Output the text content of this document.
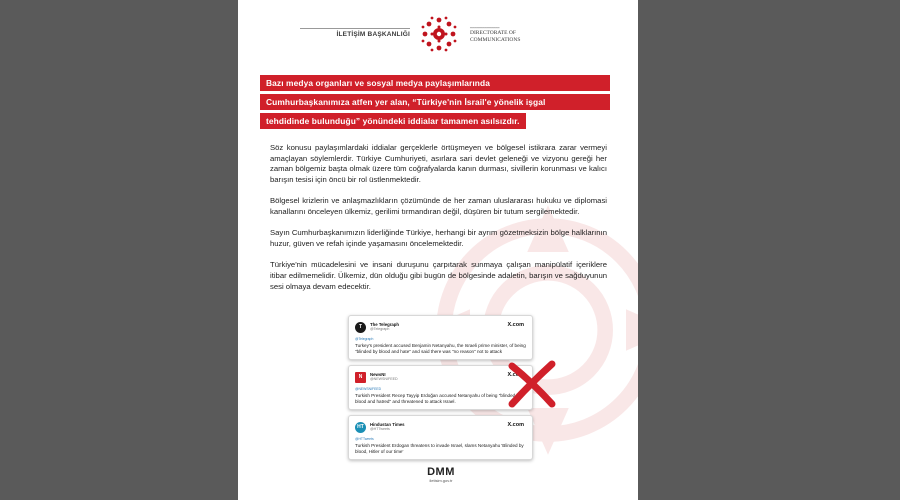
İLETİŞİM BAŞKANLIĞI
━━━━━━━━━━━━━━
DIRECTORATE OF
COMMUNICATIONS
Bazı medya organları ve sosyal medya paylaşımlarında
Cumhurbaşkanımıza atfen yer alan, “Türkiye'nin İsrail'e yönelik işgal
tehdidinde bulunduğu” yönündeki iddialar tamamen asılsızdır.

Söz konusu paylaşımlardaki iddialar gerçeklerle örtüşmeyen ve bölgesel istikrara zarar vermeyi amaçlayan söylemlerdir. Türkiye Cumhuriyeti, asırlara sari devlet geleneği ve vizyonu gereği her zaman bölgemiz başta olmak üzere tüm coğrafyalarda kanın durması, sivillerin korunması ve kalıcı barışın tesisi için öncü bir rol üstlenmektedir.

Bölgesel krizlerin ve anlaşmazlıkların çözümünde de her zaman uluslararası hukuku ve diplomasi kanallarını önceleyen ülkemiz, gerilimi tırmandıran değil, düşüren bir tutum sergilemektedir.

Sayın Cumhurbaşkanımızın liderliğinde Türkiye, herhangi bir ayrım gözetmeksizin bölge halklarının huzur, güven ve refah içinde yaşamasını öncelemektedir.

Türkiye'nin mücadelesini ve insani duruşunu çarpıtarak sunmaya çalışan manipülatif içeriklere itibar edilmemelidir. Ülkemiz, dün olduğu gibi bugün de bölgesinde adaletin, barışın ve sağduyunun sesi olmaya devam edecektir.

T	The Telegraph
@Telegraph
X.com
@Telegraph
Turkey's president accused Benjamin Netanyahu, the Israeli prime minister, of being "blinded by blood and hate" and said there was "no reason" not to attack
N	NewsNI
@NEWSNIFEED
X.com
@NEWSNIFEED
Turkish President Recep Tayyip Erdoğan accused Netanyahu of being "blinded by blood and hatred" and threatened to attack Israel.
HT	Hindustan Times
@HTTweets
X.com
@HTTweets
Turkish President Erdogan threatens to invade Israel, slams Netanyahu 'Blinded by blood, Hitler of our time'
DMM
iletisim.gov.tr
